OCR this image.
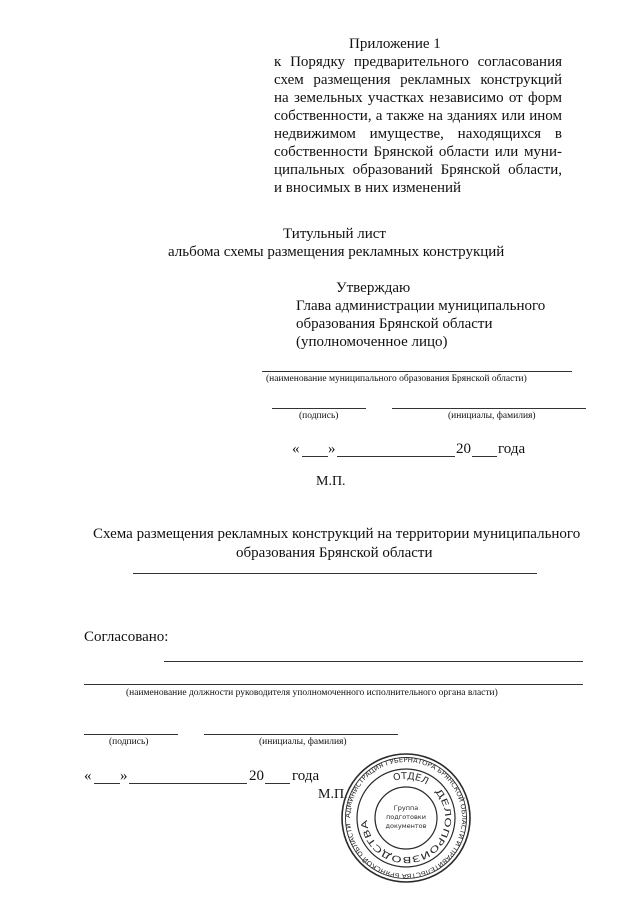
Приложение 1
к Порядку предварительного согласования
схем размещения рекламных конструкций
на земельных участках независимо от форм
собственности, а также на зданиях или ином
недвижимом имуществе, находящихся в
собственности Брянской области или муни-
ципальных образований Брянской области,
и вносимых в них изменений
Титульный лист
альбома схемы размещения рекламных конструкций
Утверждаю
Глава администрации муниципального
образования Брянской области
(уполномоченное лицо)
(наименование муниципального образования Брянской области)
(подпись)	(инициалы, фамилия)
« »	20 года
М.П.
Схема размещения рекламных конструкций на территории муниципального
образования Брянской области
Согласовано:
(наименование должности руководителя уполномоченного исполнительного органа власти)
(подпись)	(инициалы, фамилия)
« »	20 года
М.П.
АДМИНИСТРАЦИЯ ГУБЕРНАТОРА БРЯНСКОЙ ОБЛАСТИ И ПРАВИТЕЛЬСТВА БРЯНСКОЙ ОБЛАСТИ
ОТДЕЛ
ДЕЛОПРОИЗВОДСТВА
Группа
подготовки
документов
